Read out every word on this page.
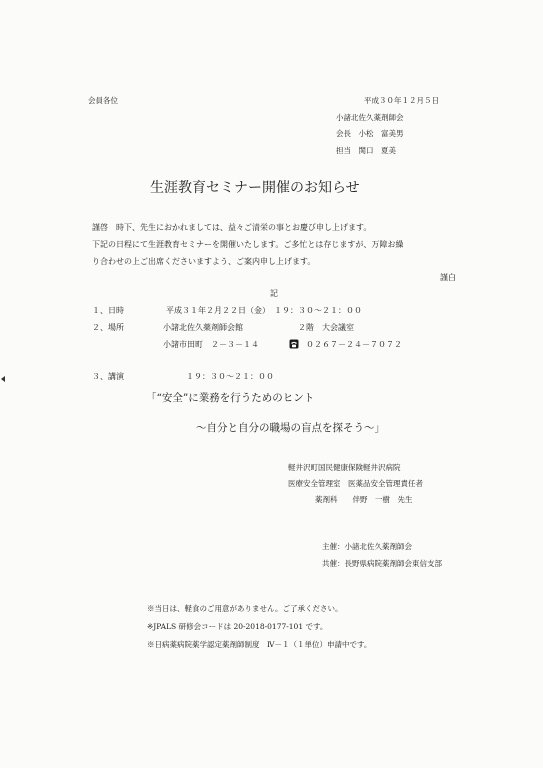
会員各位	平成３０年１２月５日
小諸北佐久薬剤師会
会長　小松　富美男
担当　関口　夏美
生涯教育セミナー開催のお知らせ
謹啓　時下、先生におかれましては、益々ご清栄の事とお慶び申し上げます。
下記の日程にて生涯教育セミナーを開催いたします。ご多忙とは存じますが、万障お繰
り合わせの上ご出席くださいますよう、ご案内申し上げます。
謹白
記
１、日時	平成３１年２月２２日（金）　１９：３０～２１：００
２、場所	小諸北佐久薬剤師会館	２階　大会議室
小諸市田町　２－３－１４	０２６７－２４－７０７２
３、講演	１９：３０～２１：００
「“安全”に業務を行うためのヒント
～自分と自分の職場の盲点を探そう～」
軽井沢町国民健康保険軽井沢病院
医療安全管理室　医薬品安全管理責任者
薬剤科　　伴野　一樹　先生
主催：小諸北佐久薬剤師会
共催：長野県病院薬剤師会東信支部
※当日は、軽食のご用意がありません。ご了承ください。
※JPALS 研修会コードは 20-2018-0177-101 です。
※日病薬病院薬学認定薬剤師制度　Ⅳ－１（１単位）申請中です。
